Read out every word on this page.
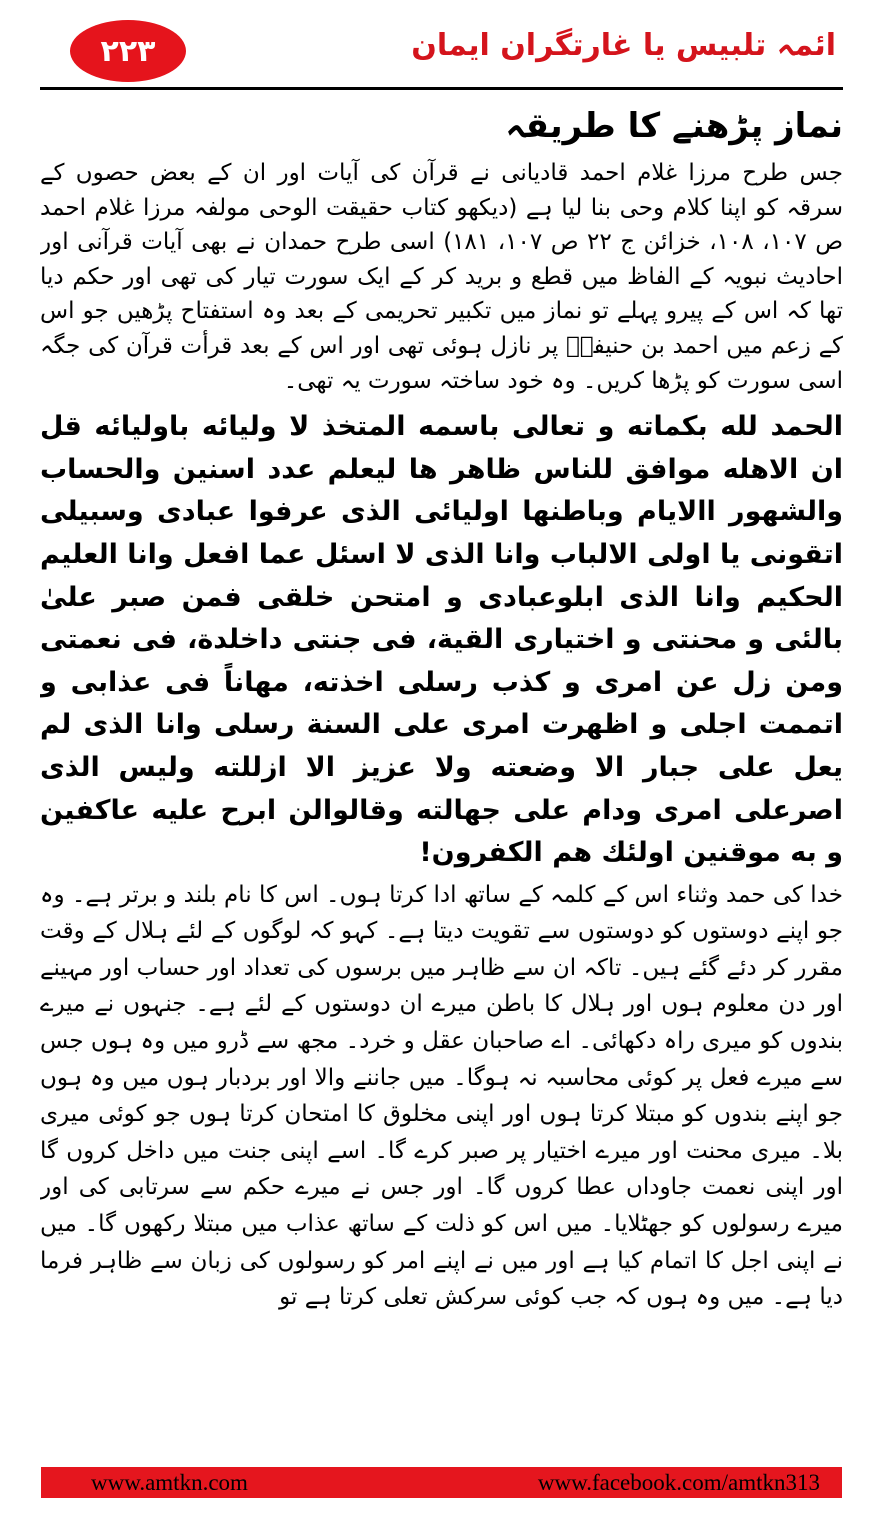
۲۲۳	ائمہ تلبیس یا غارتگران ایمان
نماز پڑھنے کا طریقہ

جس طرح مرزا غلام احمد قادیانی نے قرآن کی آیات اور ان کے بعض حصوں کے سرقہ کو اپنا کلام وحی بنا لیا ہے (دیکھو کتاب حقیقت الوحی مولفہ مرزا غلام احمد ص ۱۰۷، ۱۰۸، خزائن ج ۲۲ ص ۱۰۷، ۱۸۱) اسی طرح حمدان نے بھی آیات قرآنی اور احادیث نبویہ کے الفاظ میں قطع و برید کر کے ایک سورت تیار کی تھی اور حکم دیا تھا کہ اس کے پیرو پہلے تو نماز میں تکبیر تحریمی کے بعد وہ استفتاح پڑھیں جو اس کے زعم میں احمد بن حنیفہؒ پر نازل ہوئی تھی اور اس کے بعد قرأت قرآن کی جگہ اسی سورت کو پڑھا کریں۔ وہ خود ساختہ سورت یہ تھی۔

الحمد لله بكماته و تعالى باسمه المتخذ لا وليائه باوليائه قل ان الاهله موافق للناس ظاهر ها ليعلم عدد اسنين والحساب والشهور االايام وباطنها اوليائى الذى عرفوا عبادى وسبيلى اتقونى يا اولى الالباب وانا الذى لا اسئل عما افعل وانا العليم الحكيم وانا الذى ابلوعبادى و امتحن خلقى فمن صبر علىٰ بالئى و محنتى و اختيارى القية، فى جنتى داخلدة، فى نعمتى ومن زل عن امرى و كذب رسلى اخذته، مهاناً فى عذابى و اتممت اجلى و اظهرت امرى على السنة رسلى وانا الذى لم يعل على جبار الا وضعته ولا عزيز الا ازللته وليس الذى اصرعلى امرى ودام على جهالته وقالوالن ابرح عليه عاكفين و به موقنين اولئك هم الكفرون!

خدا کی حمد وثناء اس کے کلمہ کے ساتھ ادا کرتا ہوں۔ اس کا نام بلند و برتر ہے۔ وہ جو اپنے دوستوں کو دوستوں سے تقویت دیتا ہے۔ کہو کہ لوگوں کے لئے ہلال کے وقت مقرر کر دئے گئے ہیں۔ تاکہ ان سے ظاہر میں برسوں کی تعداد اور حساب اور مہینے اور دن معلوم ہوں اور ہلال کا باطن میرے ان دوستوں کے لئے ہے۔ جنہوں نے میرے بندوں کو میری راہ دکھائی۔ اے صاحبان عقل و خرد۔ مجھ سے ڈرو میں وہ ہوں جس سے میرے فعل پر کوئی محاسبہ نہ ہوگا۔ میں جاننے والا اور بردبار ہوں میں وہ ہوں جو اپنے بندوں کو مبتلا کرتا ہوں اور اپنی مخلوق کا امتحان کرتا ہوں جو کوئی میری بلا۔ میری محنت اور میرے اختیار پر صبر کرے گا۔ اسے اپنی جنت میں داخل کروں گا اور اپنی نعمت جاوداں عطا کروں گا۔ اور جس نے میرے حکم سے سرتابی کی اور میرے رسولوں کو جھٹلایا۔ میں اس کو ذلت کے ساتھ عذاب میں مبتلا رکھوں گا۔ میں نے اپنی اجل کا اتمام کیا ہے اور میں نے اپنے امر کو رسولوں کی زبان سے ظاہر فرما دیا ہے۔ میں وہ ہوں کہ جب کوئی سرکش تعلی کرتا ہے تو

www.amtkn.com	www.facebook.com/amtkn313
